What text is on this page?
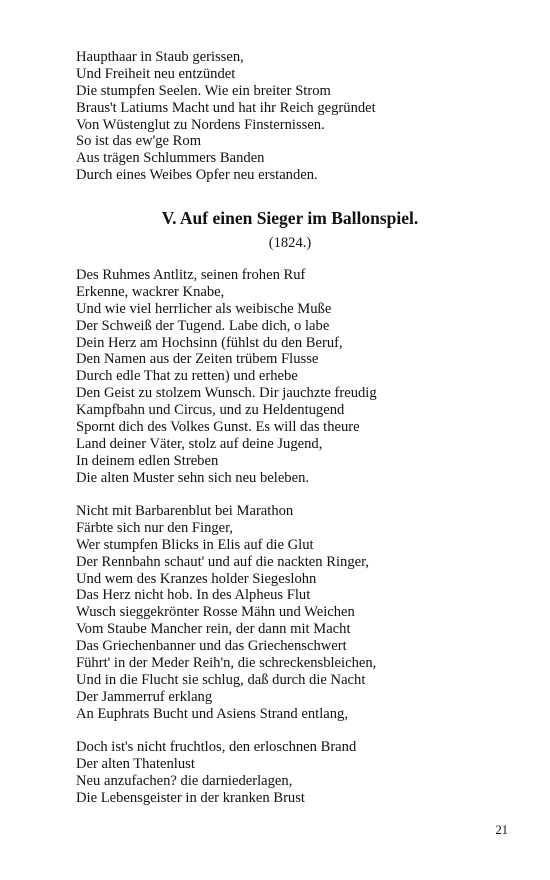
Haupthaar in Staub gerissen,
Und Freiheit neu entzündet
Die stumpfen Seelen. Wie ein breiter Strom
Braus't Latiums Macht und hat ihr Reich gegründet
Von Wüstenglut zu Nordens Finsternissen.
So ist das ew'ge Rom
Aus trägen Schlummers Banden
Durch eines Weibes Opfer neu erstanden.
V. Auf einen Sieger im Ballonspiel.
(1824.)
Des Ruhmes Antlitz, seinen frohen Ruf
Erkenne, wackrer Knabe,
Und wie viel herrlicher als weibische Muße
Der Schweiß der Tugend. Labe dich, o labe
Dein Herz am Hochsinn (fühlst du den Beruf,
Den Namen aus der Zeiten trübem Flusse
Durch edle That zu retten) und erhebe
Den Geist zu stolzem Wunsch. Dir jauchzte freudig
Kampfbahn und Circus, und zu Heldentugend
Spornt dich des Volkes Gunst. Es will das theure
Land deiner Väter, stolz auf deine Jugend,
In deinem edlen Streben
Die alten Muster sehn sich neu beleben.
Nicht mit Barbarenblut bei Marathon
Färbte sich nur den Finger,
Wer stumpfen Blicks in Elis auf die Glut
Der Rennbahn schaut' und auf die nackten Ringer,
Und wem des Kranzes holder Siegeslohn
Das Herz nicht hob. In des Alpheus Flut
Wusch sieggekrönter Rosse Mähn und Weichen
Vom Staube Mancher rein, der dann mit Macht
Das Griechenbanner und das Griechenschwert
Führt' in der Meder Reih'n, die schreckensbleichen,
Und in die Flucht sie schlug, daß durch die Nacht
Der Jammerruf erklang
An Euphrats Bucht und Asiens Strand entlang,
Doch ist's nicht fruchtlos, den erloschnen Brand
Der alten Thatenlust
Neu anzufachen? die darniederlagen,
Die Lebensgeister in der kranken Brust
21
